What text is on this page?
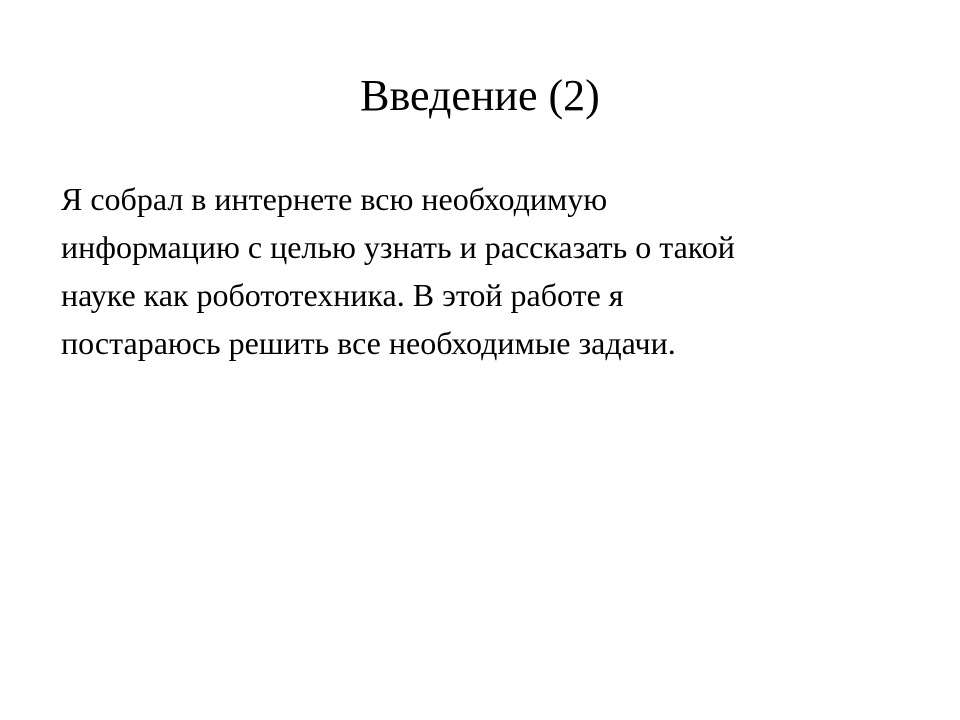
Введение (2)

Я собрал в интернете всю необходимую
информацию с целью узнать и рассказать о такой
науке как робототехника. В этой работе я
постараюсь решить все необходимые задачи.
